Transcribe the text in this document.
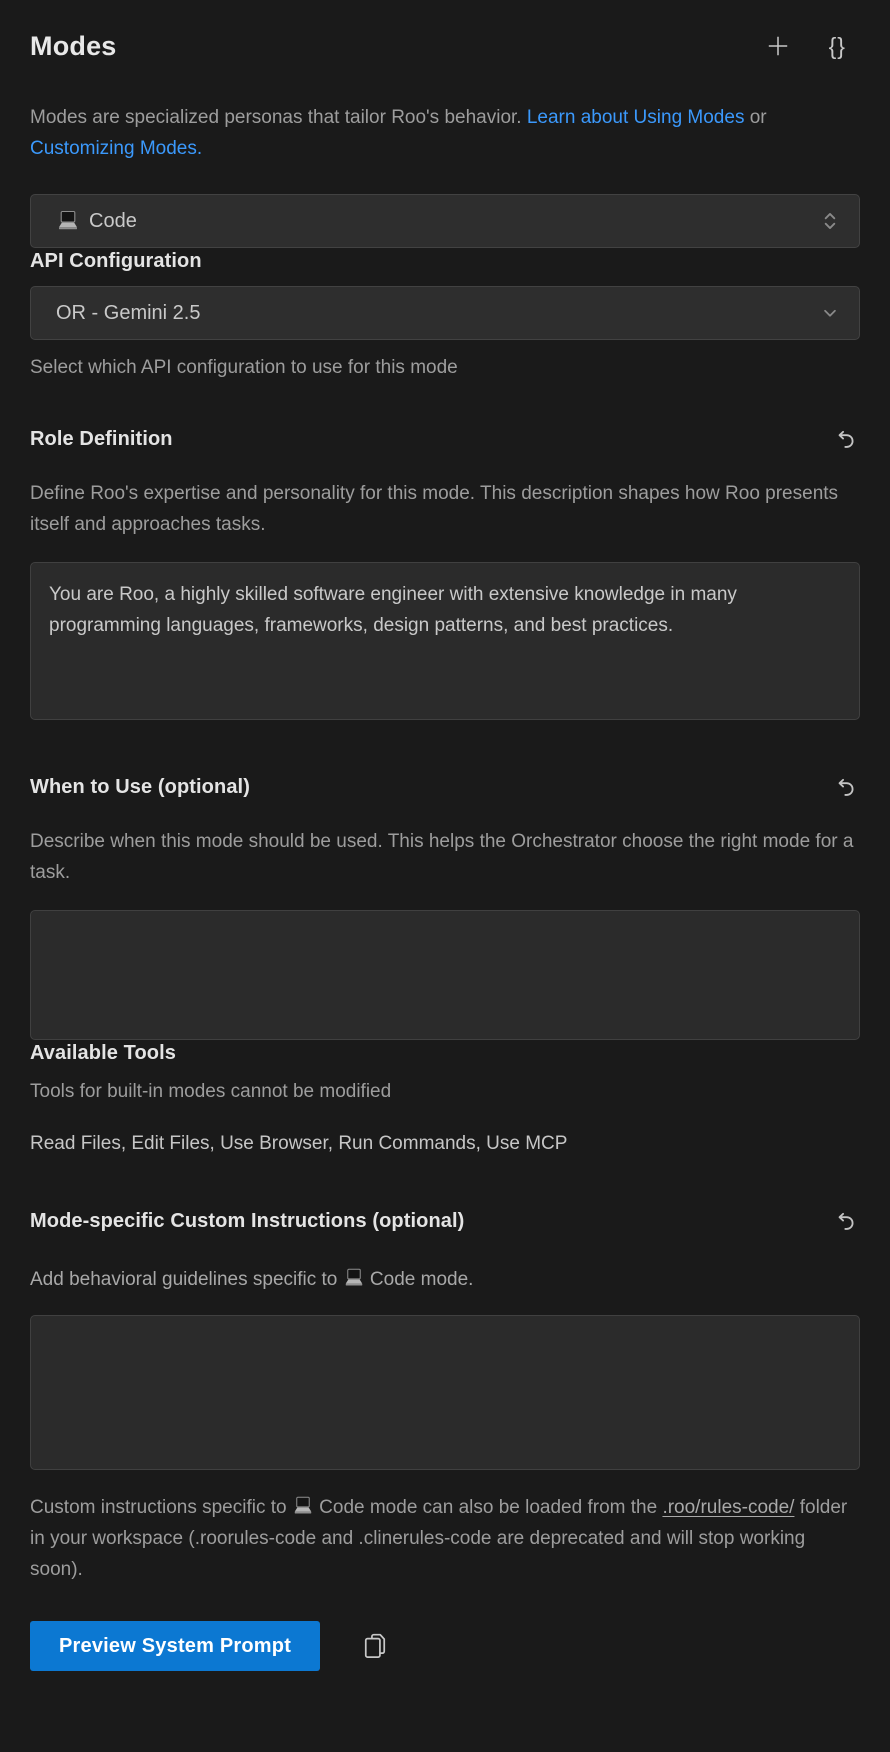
Modes	{}

Modes are specialized personas that tailor Roo's behavior. Learn about Using Modes or Customizing Modes.

Code
API Configuration
OR - Gemini 2.5
Select which API configuration to use for this mode
Role Definition
Define Roo's expertise and personality for this mode. This description shapes how Roo presents itself and approaches tasks.
You are Roo, a highly skilled software engineer with extensive knowledge in many programming languages, frameworks, design patterns, and best practices.
When to Use (optional)
Describe when this mode should be used. This helps the Orchestrator choose the right mode for a task.
Available Tools
Tools for built-in modes cannot be modified
Read Files, Edit Files, Use Browser, Run Commands, Use MCP
Mode-specific Custom Instructions (optional)
Add behavioral guidelines specific to Code mode.

Custom instructions specific to Code mode can also be loaded from the .roo/rules-code/ folder in your workspace (.roorules-code and .clinerules-code are deprecated and will stop working soon).

Preview System Prompt
